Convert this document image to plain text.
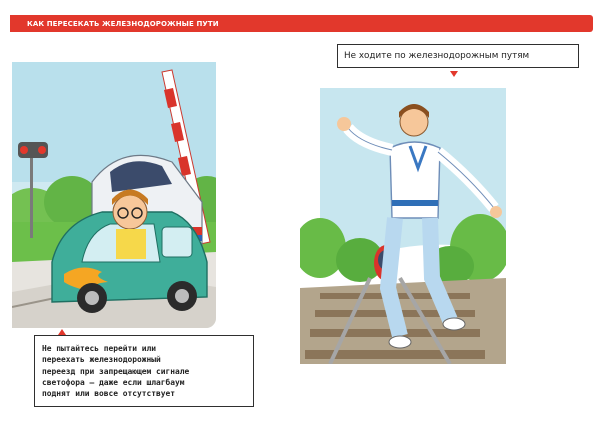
КАК ПЕРЕСЕКАТЬ ЖЕЛЕЗНОДОРОЖНЫЕ ПУТИ
Не ходите по железнодорожным путям
Не пытайтесь перейти или
переехать железнодорожный
переезд при запрещающем сигнале
светофора – даже если шлагбаум
поднят или вовсе отсутствует
